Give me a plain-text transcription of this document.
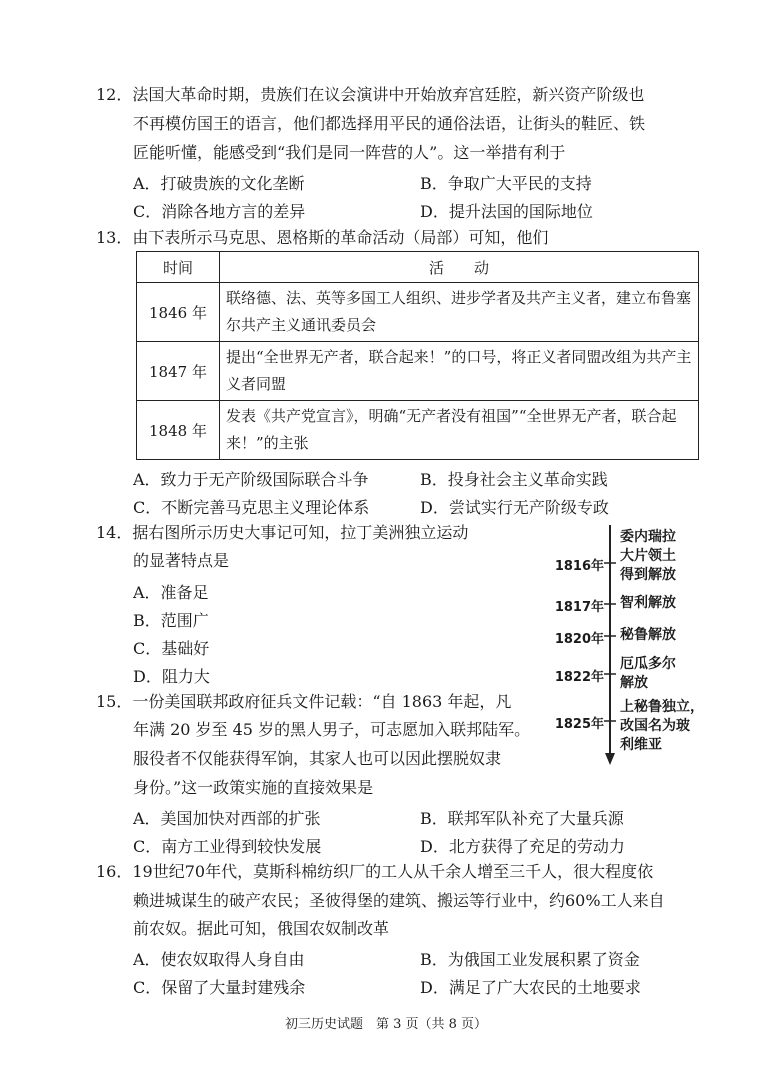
12．法国大革命时期，贵族们在议会演讲中开始放弃宫廷腔，新兴资产阶级也
不再模仿国王的语言，他们都选择用平民的通俗法语，让街头的鞋匠、铁
匠能听懂，能感受到“我们是同一阵营的人”。这一举措有利于
A．打破贵族的文化垄断	B．争取广大平民的支持
C．消除各地方言的差异	D．提升法国的国际地位
13．由下表所示马克思、恩格斯的革命活动（局部）可知，他们
时间	活　　动
1846 年	联络德、法、英等多国工人组织、进步学者及共产主义者，建立布鲁塞尔共产主义通讯委员会
1847 年	提出“全世界无产者，联合起来！”的口号，将正义者同盟改组为共产主义者同盟
1848 年	发表《共产党宣言》，明确“无产者没有祖国”“全世界无产者，联合起来！”的主张
A．致力于无产阶级国际联合斗争	B．投身社会主义革命实践
C．不断完善马克思主义理论体系	D．尝试实行无产阶级专政
14．据右图所示历史大事记可知，拉丁美洲独立运动
的显著特点是
A．准备足
B．范围广
C．基础好
D．阻力大
1816年
委内瑞拉
大片领土
得到解放
1817年 智利解放
1820年 秘鲁解放
1822年
厄瓜多尔
解放
1825年
上秘鲁独立，
改国名为玻
利维亚
15．一份美国联邦政府征兵文件记载：“自 1863 年起，凡
年满 20 岁至 45 岁的黑人男子，可志愿加入联邦陆军。
服役者不仅能获得军饷，其家人也可以因此摆脱奴隶
身份。”这一政策实施的直接效果是
A．美国加快对西部的扩张	B．联邦军队补充了大量兵源
C．南方工业得到较快发展	D．北方获得了充足的劳动力
16．19世纪70年代，莫斯科棉纺织厂的工人从千余人增至三千人，很大程度依
赖进城谋生的破产农民；圣彼得堡的建筑、搬运等行业中，约60%工人来自
前农奴。据此可知，俄国农奴制改革
A．使农奴取得人身自由	B．为俄国工业发展积累了资金
C．保留了大量封建残余	D．满足了广大农民的土地要求
初三历史试题　第 3 页（共 8 页）
